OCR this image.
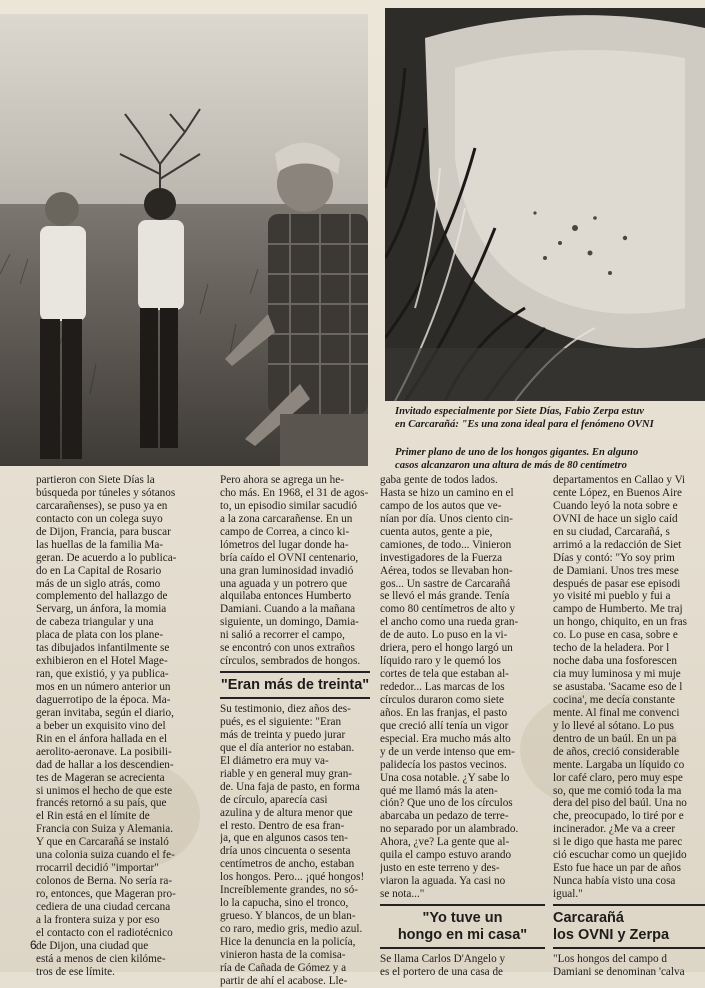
Invitado especialmente por Siete Días, Fabio Zerpa estuv
en Carcarañá: "Es una zona ideal para el fenómeno OVNI
Primer plano de uno de los hongos gigantes. En alguno
casos alcanzaron una altura de más de 80 centímetro
partieron con Siete Días la
búsqueda por túneles y sótanos
carcarañenses), se puso ya en
contacto con un colega suyo
de Dijon, Francia, para buscar
las huellas de la familia Ma-
geran. De acuerdo a lo publica-
do en La Capital de Rosario
más de un siglo atrás, como
complemento del hallazgo de
Servarg, un ánfora, la momia
de cabeza triangular y una
placa de plata con los plane-
tas dibujados infantilmente se
exhibieron en el Hotel Mage-
ran, que existió, y ya publica-
mos en un número anterior un
daguerrotipo de la época. Ma-
geran invitaba, según el diario,
a beber un exquisito vino del
Rin en el ánfora hallada en el
aerolito-aeronave. La posibili-
dad de hallar a los descendien-
tes de Mageran se acrecienta
si unimos el hecho de que este
francés retornó a su país, que
el Rin está en el límite de
Francia con Suiza y Alemania.
Y que en Carcarañá se instaló
una colonia suiza cuando el fe-
rrocarril decidió "importar"
colonos de Berna. No sería ra-
ro, entonces, que Mageran pro-
cediera de una ciudad cercana
a la frontera suiza y por eso
el contacto con el radiotécnico
de Dijon, una ciudad que
está a menos de cien kilóme-
tros de ese límite.
Pero ahora se agrega un he-
cho más. En 1968, el 31 de agos-
to, un episodio similar sacudió
a la zona carcarañense. En un
campo de Correa, a cinco ki-
lómetros del lugar donde ha-
bría caído el OVNI centenario,
una gran luminosidad invadió
una aguada y un potrero que
alquilaba entonces Humberto
Damiani. Cuando a la mañana
siguiente, un domingo, Damia-
ni salió a recorrer el campo,
se encontró con unos extraños
círculos, sembrados de hongos.
"Eran más de treinta"
Su testimonio, diez años des-
pués, es el siguiente: "Eran
más de treinta y puedo jurar
que el día anterior no estaban.
El diámetro era muy va-
riable y en general muy gran-
de. Una faja de pasto, en forma
de círculo, aparecía casi
azulina y de altura menor que
el resto. Dentro de esa fran-
ja, que en algunos casos ten-
dría unos cincuenta o sesenta
centímetros de ancho, estaban
los hongos. Pero... ¡qué hongos!
Increíblemente grandes, no só-
lo la capucha, sino el tronco,
grueso. Y blancos, de un blan-
co raro, medio gris, medio azul.
Hice la denuncia en la policía,
vinieron hasta de la comisa-
ría de Cañada de Gómez y a
partir de ahí el acabose. Lle-
gaba gente de todos lados.
Hasta se hizo un camino en el
campo de los autos que ve-
nían por día. Unos ciento cin-
cuenta autos, gente a pie,
camiones, de todo... Vinieron
investigadores de la Fuerza
Aérea, todos se llevaban hon-
gos... Un sastre de Carcarañá
se llevó el más grande. Tenía
como 80 centímetros de alto y
el ancho como una rueda gran-
de de auto. Lo puso en la vi-
driera, pero el hongo largó un
líquido raro y le quemó los
cortes de tela que estaban al-
rededor... Las marcas de los
círculos duraron como siete
años. En las franjas, el pasto
que creció allí tenía un vigor
especial. Era mucho más alto
y de un verde intenso que em-
palidecía los pastos vecinos.
Una cosa notable. ¿Y sabe lo
qué me llamó más la aten-
ción? Que uno de los círculos
abarcaba un pedazo de terre-
no separado por un alambrado.
Ahora, ¿ve? La gente que al-
quila el campo estuvo arando
justo en este terreno y des-
viaron la aguada. Ya casi no
se nota..."
"Yo tuve un
hongo en mi casa"
Se llama Carlos D'Angelo y
es el portero de una casa de
departamentos en Callao y Vi
cente López, en Buenos Aire
Cuando leyó la nota sobre e
OVNI de hace un siglo caíd
en su ciudad, Carcarañá, s
arrimó a la redacción de Siet
Días y contó: "Yo soy prim
de Damiani. Unos tres mese
después de pasar ese episodi
yo visité mi pueblo y fui a
campo de Humberto. Me traj
un hongo, chiquito, en un fras
co. Lo puse en casa, sobre e
techo de la heladera. Por l
noche daba una fosforescen
cia muy luminosa y mi muje
se asustaba. 'Sacame eso de l
cocina', me decía constante
mente. Al final me convenci
y lo llevé al sótano. Lo pus
dentro de un baúl. En un pa
de años, creció considerable
mente. Largaba un líquido co
lor café claro, pero muy espe
so, que me comió toda la ma
dera del piso del baúl. Una no
che, preocupado, lo tiré por e
incinerador. ¿Me va a creer
si le digo que hasta me parec
ció escuchar como un quejido
Esto fue hace un par de años
Nunca había visto una cosa
igual."
Carcarañá
los OVNI y Zerpa
"Los hongos del campo d
Damiani se denominan 'calva
6
